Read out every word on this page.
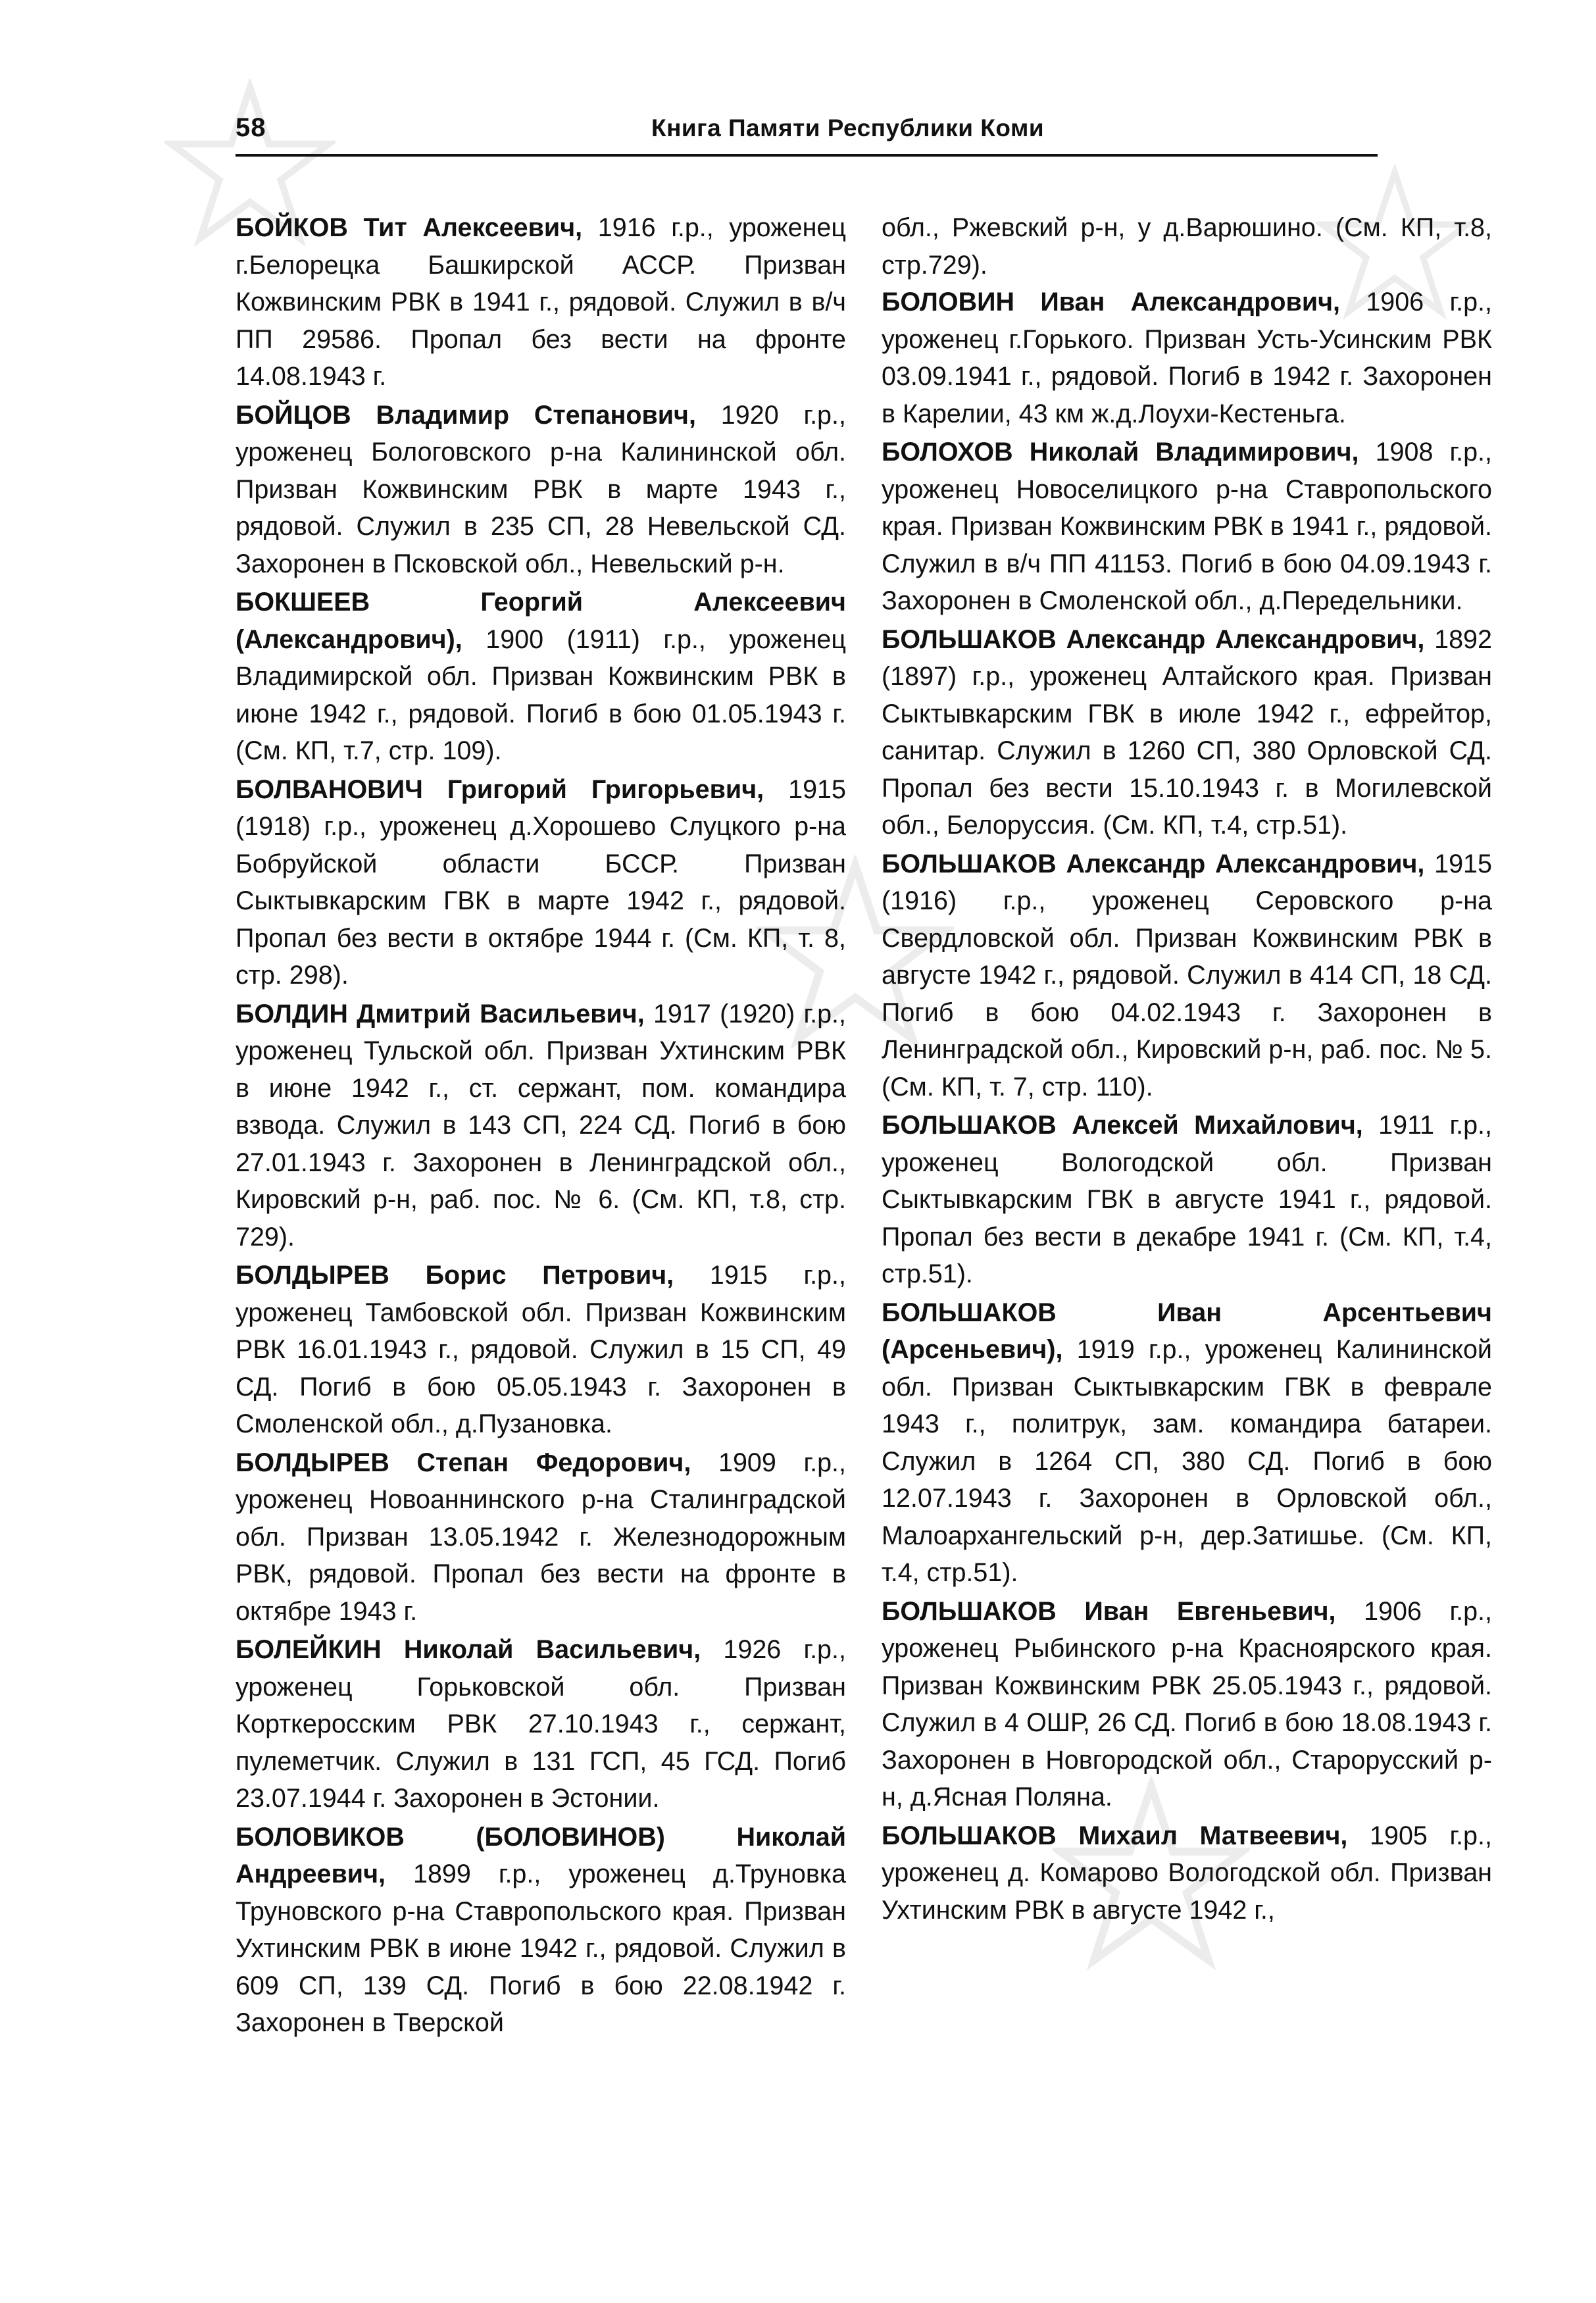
58	Книга Памяти Республики Коми

БОЙКОВ Тит Алексеевич, 1916 г.р., уроженец г.Белорецка Башкирской АССР. Призван Кожвинским РВК в 1941 г., рядовой. Служил в в/ч ПП 29586. Пропал без вести на фронте 14.08.1943 г.

БОЙЦОВ Владимир Степанович, 1920 г.р., уроженец Бологовского р-на Калининской обл. Призван Кожвинским РВК в марте 1943 г., рядовой. Служил в 235 СП, 28 Невельской СД. Захоронен в Псковской обл., Невельский р-н.

БОКШЕЕВ Георгий Алексеевич (Александрович), 1900 (1911) г.р., уроженец Владимирской обл. Призван Кожвинским РВК в июне 1942 г., рядовой. Погиб в бою 01.05.1943 г. (См. КП, т.7, стр. 109).

БОЛВАНОВИЧ Григорий Григорьевич, 1915 (1918) г.р., уроженец д.Хорошево Слуцкого р-на Бобруйской области БССР. Призван Сыктывкарским ГВК в марте 1942 г., рядовой. Пропал без вести в октябре 1944 г. (См. КП, т. 8, стр. 298).

БОЛДИН Дмитрий Васильевич, 1917 (1920) г.р., уроженец Тульской обл. Призван Ухтинским РВК в июне 1942 г., ст. сержант, пом. командира взвода. Служил в 143 СП, 224 СД. Погиб в бою 27.01.1943 г. Захоронен в Ленинградской обл., Кировский р-н, раб. пос. № 6. (См. КП, т.8, стр. 729).

БОЛДЫРЕВ Борис Петрович, 1915 г.р., уроженец Тамбовской обл. Призван Кожвинским РВК 16.01.1943 г., рядовой. Служил в 15 СП, 49 СД. Погиб в бою 05.05.1943 г. Захоронен в Смоленской обл., д.Пузановка.

БОЛДЫРЕВ Степан Федорович, 1909 г.р., уроженец Новоаннинского р-на Сталинградской обл. Призван 13.05.1942 г. Железнодорожным РВК, рядовой. Пропал без вести на фронте в октябре 1943 г.

БОЛЕЙКИН Николай Васильевич, 1926 г.р., уроженец Горьковской обл. Призван Корткеросским РВК 27.10.1943 г., сержант, пулеметчик. Служил в 131 ГСП, 45 ГСД. Погиб 23.07.1944 г. Захоронен в Эстонии.

БОЛОВИКОВ (БОЛОВИНОВ) Николай Андреевич, 1899 г.р., уроженец д.Труновка Труновского р-на Ставропольского края. Призван Ухтинским РВК в июне 1942 г., рядовой. Служил в 609 СП, 139 СД. Погиб в бою 22.08.1942 г. Захоронен в Тверской

обл., Ржевский р-н, у д.Варюшино. (См. КП, т.8, стр.729).

БОЛОВИН Иван Александрович, 1906 г.р., уроженец г.Горького. Призван Усть-Усинским РВК 03.09.1941 г., рядовой. Погиб в 1942 г. Захоронен в Карелии, 43 км ж.д.Лоухи-Кестеньга.

БОЛОХОВ Николай Владимирович, 1908 г.р., уроженец Новоселицкого р-на Ставропольского края. Призван Кожвинским РВК в 1941 г., рядовой. Служил в в/ч ПП 41153. Погиб в бою 04.09.1943 г. Захоронен в Смоленской обл., д.Передельники.

БОЛЬШАКОВ Александр Александрович, 1892 (1897) г.р., уроженец Алтайского края. Призван Сыктывкарским ГВК в июле 1942 г., ефрейтор, санитар. Служил в 1260 СП, 380 Орловской СД. Пропал без вести 15.10.1943 г. в Могилевской обл., Белоруссия. (См. КП, т.4, стр.51).

БОЛЬШАКОВ Александр Александрович, 1915 (1916) г.р., уроженец Серовского р-на Свердловской обл. Призван Кожвинским РВК в августе 1942 г., рядовой. Служил в 414 СП, 18 СД. Погиб в бою 04.02.1943 г. Захоронен в Ленинградской обл., Кировский р-н, раб. пос. № 5. (См. КП, т. 7, стр. 110).

БОЛЬШАКОВ Алексей Михайлович, 1911 г.р., уроженец Вологодской обл. Призван Сыктывкарским ГВК в августе 1941 г., рядовой. Пропал без вести в декабре 1941 г. (См. КП, т.4, стр.51).

БОЛЬШАКОВ Иван Арсентьевич (Арсеньевич), 1919 г.р., уроженец Калининской обл. Призван Сыктывкарским ГВК в феврале 1943 г., политрук, зам. командира батареи. Служил в 1264 СП, 380 СД. Погиб в бою 12.07.1943 г. Захоронен в Орловской обл., Малоархангельский р-н, дер.Затишье. (См. КП, т.4, стр.51).

БОЛЬШАКОВ Иван Евгеньевич, 1906 г.р., уроженец Рыбинского р-на Красноярского края. Призван Кожвинским РВК 25.05.1943 г., рядовой. Служил в 4 ОШР, 26 СД. Погиб в бою 18.08.1943 г. Захоронен в Новгородской обл., Старорусский р-н, д.Ясная Поляна.

БОЛЬШАКОВ Михаил Матвеевич, 1905 г.р., уроженец д. Комарово Вологодской обл. Призван Ухтинским РВК в августе 1942 г.,
